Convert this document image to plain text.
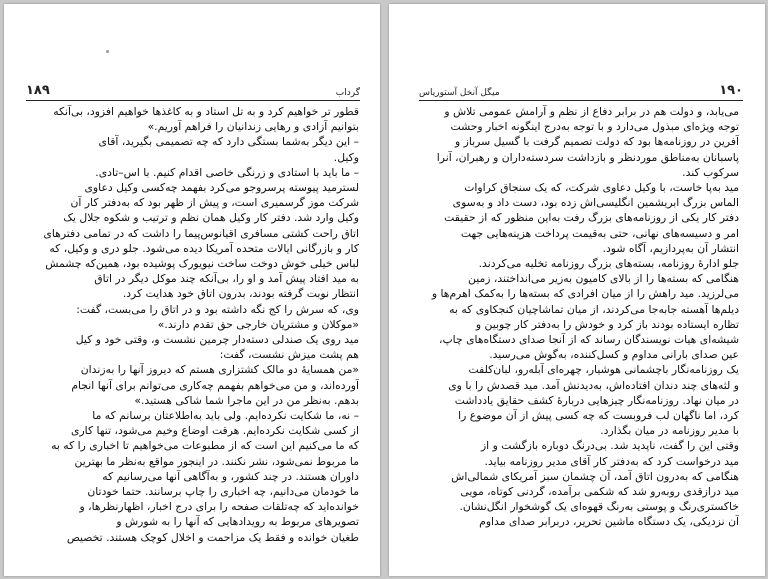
گرداب
۱۸۹

قطور تر خواهیم کرد و به تل استاد و به کاغذها خواهیم افزود، بی‌آنکه

بتوانیم آزادی و رهایی زندانیان را فراهم آوریم.»

– این دیگر به‌شما بستگی دارد که چه تصمیمی بگیرید، آقای

وکیل.

– ما باید با استادی و زرنگی خاصی اقدام کنیم. با اس–تادی.

لسترمید پیوسته پرسروجو می‌کرد بفهمد چه‌کسی وکیل دعاوی

شرکت موز گرسمیری است، و پیش از ظهر بود که به‌دفتر کار آن

وکیل وارد شد. دفتر کار وکیل همان نظم و ترتیب و شکوه جلال یک

اتاق راحت کشتی مسافری اقیانوس‌پیما را داشت که در تمامی دفترهای

کار و بازرگانی ایالات متحده آمریکا دیده می‌شود. جلو دری و وکیل، که

لباس خیلی خوش دوخت ساخت نیویورک پوشیده بود، همین‌که چشمش

به مید افتاد پیش آمد و او را، بی‌آنکه چند موکل دیگر در اتاق

انتظار نوبت گرفته بودند، بدرون اتاق خود هدایت کرد.

وی، که سرش را کج نگه داشته بود و در اتاق را می‌بست، گفت:

«موکلان و مشتریان خارجی حق تقدم دارند.»

مید روی یک صندلی دسته‌دار چرمین نشست و، وقتی خود و کیل

هم پشت میزش نشست، گفت:

«من همسایهٔ دو مالک کشتزاری هستم که دیروز آنها را به‌زندان

آورده‌اند، و من می‌خواهم بفهمم چه‌کاری می‌توانم برای آنها انجام

بدهم. به‌نظر من در این ماجرا شما شاکی هستید.»

– نه، ما شکایت نکرده‌ایم. ولی باید به‌اطلاعتان برسانم که ما

از کسی شکایت نکرده‌ایم. هرقت اوضاع وخیم می‌شود، تنها کاری

که ما می‌کنیم این است که از مطبوعات می‌خواهیم تا اخباری را که به

ما مربوط نمی‌شود، نشر نکنند. در اینجور مواقع به‌نظر ما بهترین

داوران هستند. در چند کشور، و به‌آگاهی آنها می‌رسانیم که

ما خودمان می‌دانیم، چه اخباری را چاپ برسانند. حتما خودتان

خوانده‌اید که چه‌تلقات صفحه را برای درج اخبار، اظهارنظرها، و

تصویرهای مربوط به رویدادهایی که آنها را به شورش و

طغیان خوانده و فقط یک مزاحمت و اخلال کوچک هستند. تخصیص

۱۹۰
میگل آنخل آستوریاس

می‌یابد، و دولت هم در برابر دفاع از نظم و آرامش عمومی تلاش و

توجه ویژه‌ای مبذول می‌دارد و با توجه به‌درج اینگونه اخبار وحشت‌

آفرین در روزنامه‌ها بود که دولت تصمیم گرفت با گسیل سرباز و

پاسبانان به‌مناطق موردنظر و بازداشت سردسته‌داران و رهبران، آنرا

سرکوب کند.

مید به‌پا خاست، با وکیل دعاوی شرکت، که یک سنجاق کراوات

الماس بزرگ ابریشمین انگلیسی‌اش زده بود، دست داد و به‌سوی

دفتر کار یکی از روزنامه‌های بزرگ رفت به‌این منظور که از حقیقت

امر و دسیسه‌های نهانی، حتی به‌قیمت پرداخت هزینه‌هایی جهت

انتشار آن به‌پردازیم، آگاه شود.

جلو ادارهٔ روزنامه، بسته‌های بزرگ روزنامه تخلیه می‌کردند.

هنگامی که بسته‌ها را از بالای کامیون به‌زیر می‌انداختند، زمین

می‌لرزید. مید راهش را از میان افرادی که بسته‌ها را به‌کمک اهرم‌ها و

دیلم‌ها آهسته جابه‌جا می‌کردند، از میان تماشاچیان کنجکاوی که به

تظاره ایستاده بودند باز کرد و خودش را به‌دفتر کار چوبین و

شیشه‌ای هیات نویسندگان رساند که از آنجا صدای دستگاه‌های چاپ،

عین صدای بارانی مداوم و کسل‌کننده، به‌گوش می‌رسید.

یک روزنامه‌نگار باچشمانی هوشیار، چهره‌ای آبله‌رو، لبان‌کلفت

و لثه‌های چند دندان افتاده‌اش، به‌دیدنش آمد. مید قصدش را با وی

در میان نهاد. روزنامه‌نگار چیزهایی دربارهٔ کشف حقایق یادداشت

کرد، اما ناگهان لب فروبست که چه کسی پیش از آن موضوع را

با مدیر روزنامه در میان بگذارد.

وقتی این را گفت، ناپدید شد. بی‌درنگ دوباره بازگشت و از

مید درخواست کرد که به‌دفتر کار آقای مدیر روزنامه بیاید.

هنگامی که به‌درون اتاق آمد، آن چشمان سبز آمریکای شمالی‌اش

مید درازقدی رو‌به‌رو شد که شکمی برآمده، گردنی کوتاه، مویی

خاکستری‌رنگ و پوستی به‌رنگ قهوه‌ای یک گوشخوار انگل‌نشان.

آن نزدیکی، یک دستگاه ماشین تحریر، دربرابر صدای مداوم
